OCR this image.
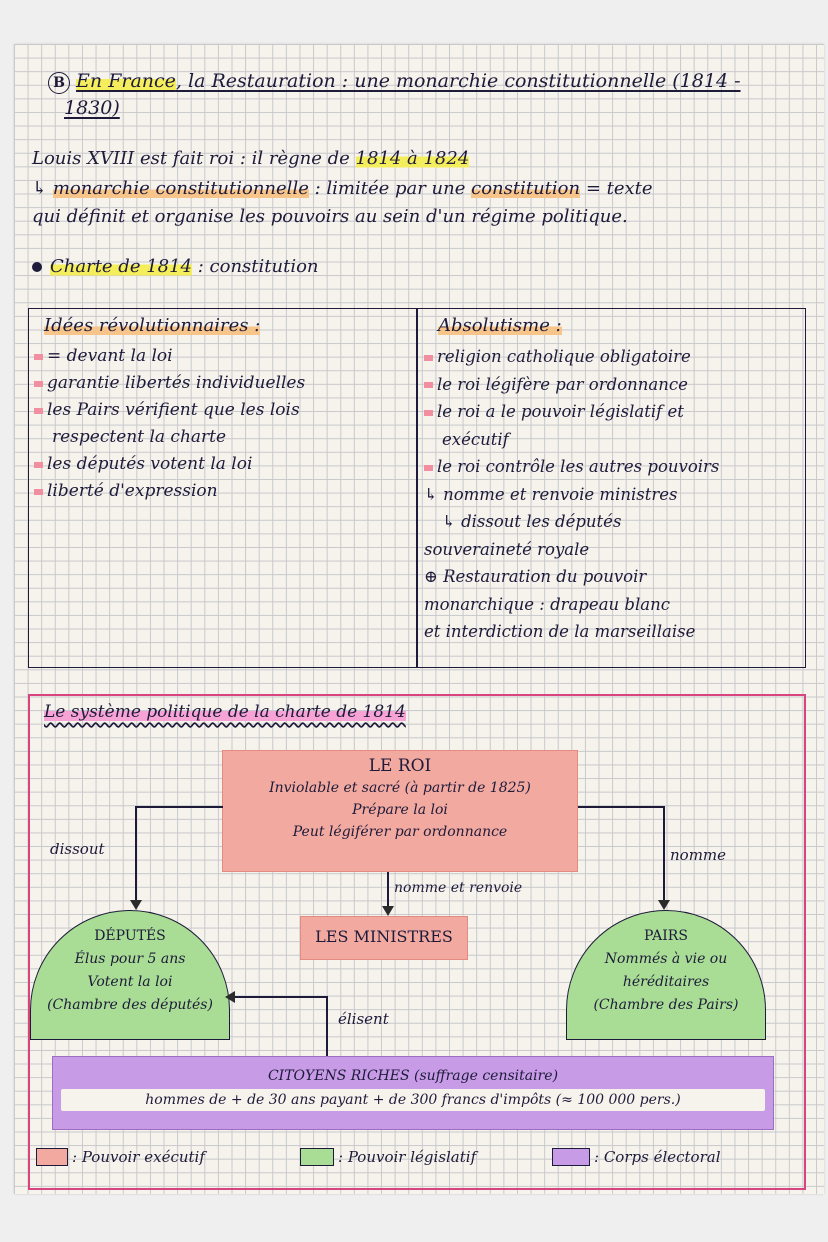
B En France, la Restauration : une monarchie constitutionnelle (1814 -
1830)
Louis XVIII est fait roi : il règne de 1814 à 1824
↳ monarchie constitutionnelle : limitée par une constitution = texte
qui définit et organise les pouvoirs au sein d'un régime politique.
Charte de 1814 : constitution
Idées révolutionnaires :
= devant la loi
garantie libertés individuelles
les Pairs vérifient que les lois
respectent la charte
les députés votent la loi
liberté d'expression
Absolutisme :
religion catholique obligatoire
le roi légifère par ordonnance
le roi a le pouvoir législatif et
exécutif
le roi contrôle les autres pouvoirs
↳ nomme et renvoie ministres
↳ dissout les députés
souveraineté royale
⊕ Restauration du pouvoir
monarchique : drapeau blanc
et interdiction de la marseillaise
Le système politique de la charte de 1814
LE ROI
Inviolable et sacré (à partir de 1825)
Prépare la loi
Peut légiférer par ordonnance
dissout	nomme
nomme et renvoie
LES MINISTRES
DÉPUTÉS
Élus pour 5 ans
Votent la loi
(Chambre des députés)
PAIRS
Nommés à vie ou
héréditaires
(Chambre des Pairs)
élisent
CITOYENS RICHES (suffrage censitaire)
hommes de + de 30 ans payant + de 300 francs d'impôts (≈ 100 000 pers.)
: Pouvoir exécutif	: Pouvoir législatif	: Corps électoral
